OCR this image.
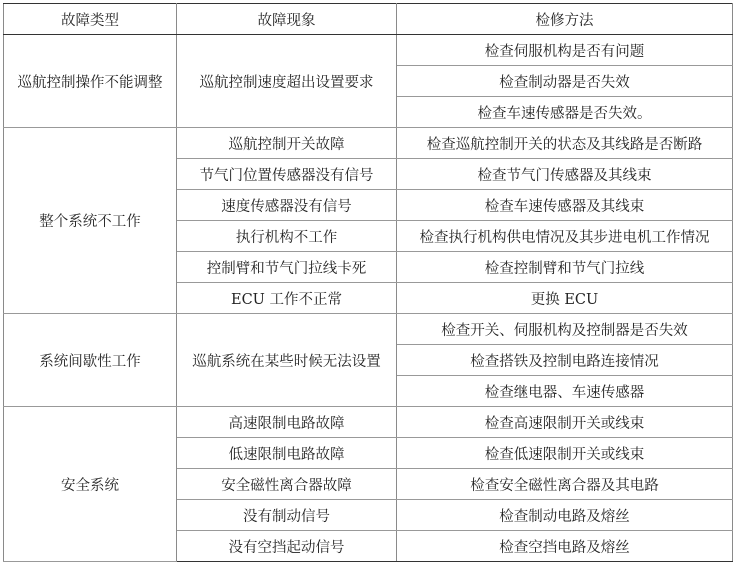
故障类型	故障现象	检修方法
巡航控制操作不能调整	巡航控制速度超出设置要求	检查伺服机构是否有问题
		检查制动器是否失效
		检查车速传感器是否失效。
整个系统不工作	巡航控制开关故障	检查巡航控制开关的状态及其线路是否断路
	节气门位置传感器没有信号	检查节气门传感器及其线束
	速度传感器没有信号	检查车速传感器及其线束
	执行机构不工作	检查执行机构供电情况及其步进电机工作情况
	控制臂和节气门拉线卡死	检查控制臂和节气门拉线
	ECU 工作不正常	更换 ECU
系统间歇性工作	巡航系统在某些时候无法设置	检查开关、伺服机构及控制器是否失效
		检查搭铁及控制电路连接情况
		检查继电器、车速传感器
安全系统	高速限制电路故障	检查高速限制开关或线束
	低速限制电路故障	检查低速限制开关或线束
	安全磁性离合器故障	检查安全磁性离合器及其电路
	没有制动信号	检查制动电路及熔丝
	没有空挡起动信号	检查空挡电路及熔丝
